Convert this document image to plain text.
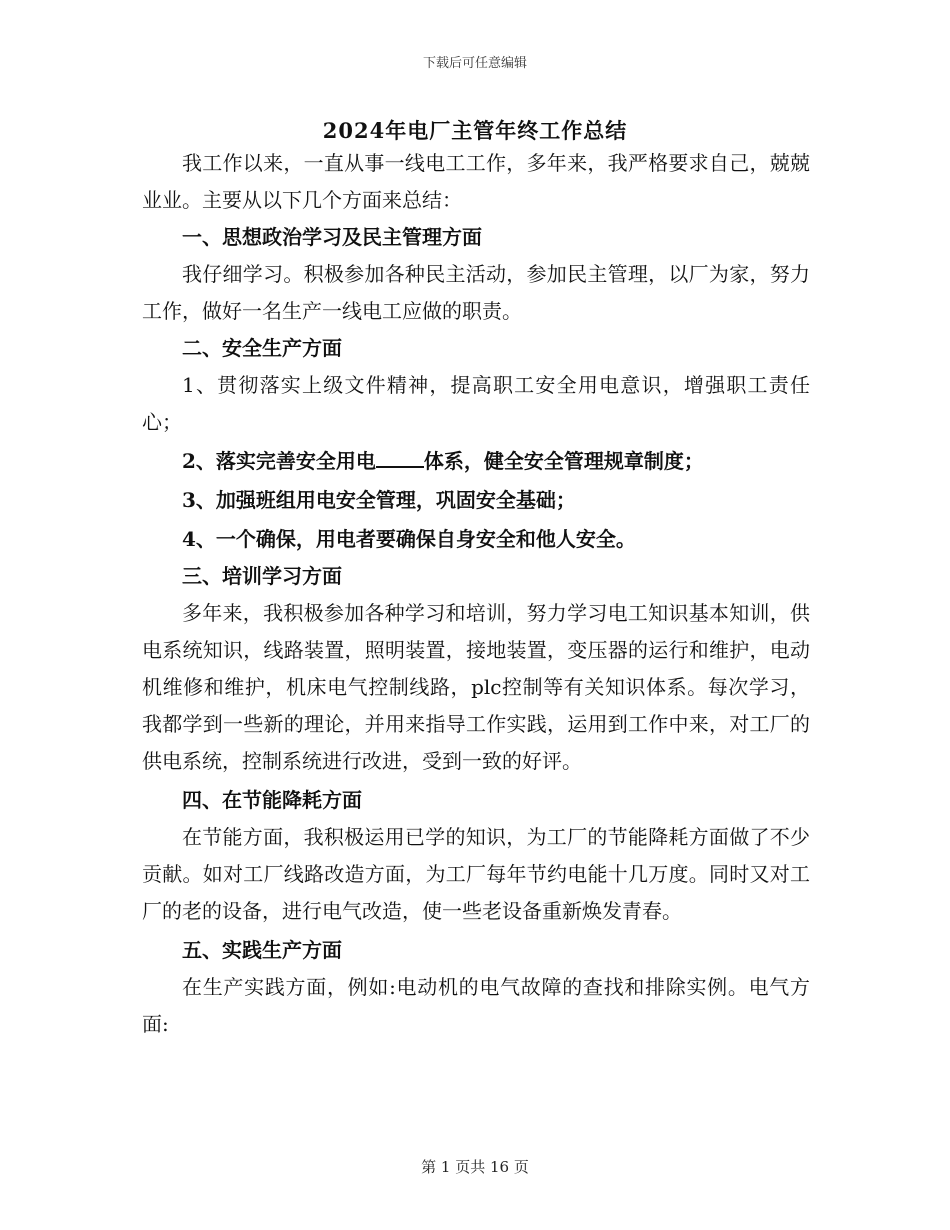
下载后可任意编辑
2024年电厂主管年终工作总结

我工作以来，一直从事一线电工工作，多年来，我严格要求自己，兢兢业业。主要从以下几个方面来总结：

一、思想政治学习及民主管理方面

我仔细学习。积极参加各种民主活动，参加民主管理，以厂为家，努力工作，做好一名生产一线电工应做的职责。

二、安全生产方面

1、贯彻落实上级文件精神，提高职工安全用电意识，增强职工责任心；

2、落实完善安全用电 体系，健全安全管理规章制度；

3、加强班组用电安全管理，巩固安全基础；

4、一个确保，用电者要确保自身安全和他人安全。

三、培训学习方面

多年来，我积极参加各种学习和培训，努力学习电工知识基本知训，供电系统知识，线路装置，照明装置，接地装置，变压器的运行和维护，电动机维修和维护，机床电气控制线路，plc控制等有关知识体系。每次学习，我都学到一些新的理论，并用来指导工作实践，运用到工作中来，对工厂的供电系统，控制系统进行改进，受到一致的好评。

四、在节能降耗方面

在节能方面，我积极运用已学的知识，为工厂的节能降耗方面做了不少贡献。如对工厂线路改造方面，为工厂每年节约电能十几万度。同时又对工厂的老的设备，进行电气改造，使一些老设备重新焕发青春。

五、实践生产方面

在生产实践方面，例如:电动机的电气故障的查找和排除实例。电气方面:

第 1 页共 16 页
